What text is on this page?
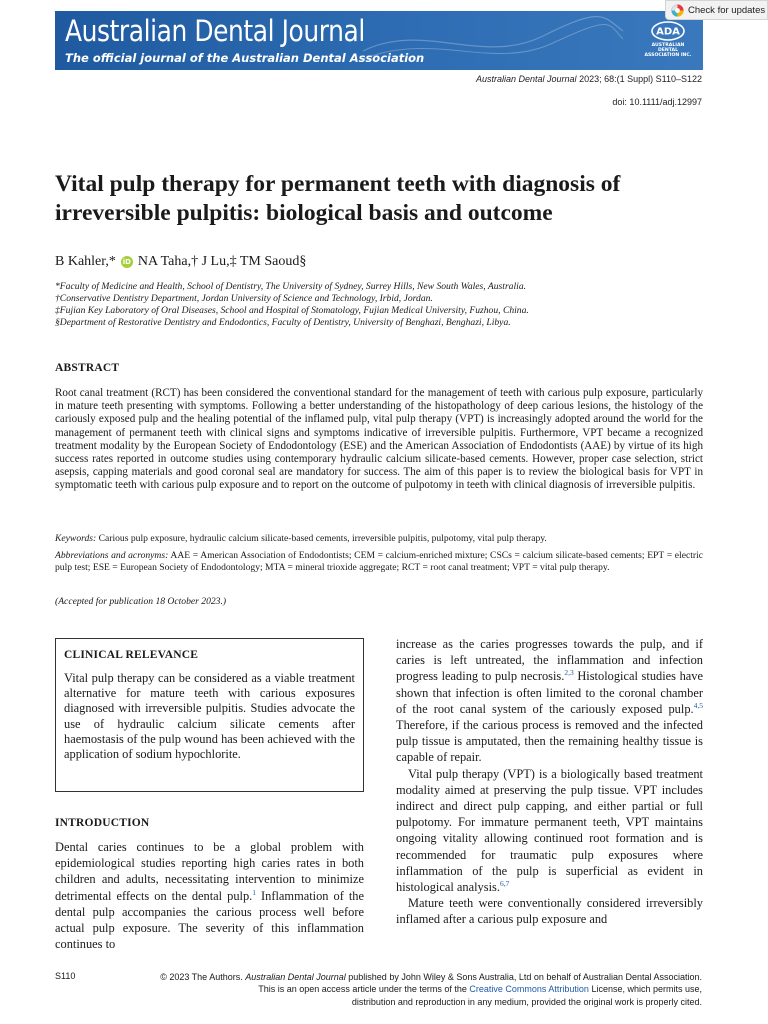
Australian Dental Journal
The official journal of the Australian Dental Association
ADA
AUSTRALIAN DENTAL
ASSOCIATION INC.
Check for updates
Australian Dental Journal 2023; 68:(1 Suppl) S110–S122
doi: 10.1111/adj.12997
Vital pulp therapy for permanent teeth with diagnosis of irreversible pulpitis: biological basis and outcome
B Kahler,* iD NA Taha,† J Lu,‡ TM Saoud§
*Faculty of Medicine and Health, School of Dentistry, The University of Sydney, Surrey Hills, New South Wales, Australia.
†Conservative Dentistry Department, Jordan University of Science and Technology, Irbid, Jordan.
‡Fujian Key Laboratory of Oral Diseases, School and Hospital of Stomatology, Fujian Medical University, Fuzhou, China.
§Department of Restorative Dentistry and Endodontics, Faculty of Dentistry, University of Benghazi, Benghazi, Libya.
ABSTRACT

Root canal treatment (RCT) has been considered the conventional standard for the management of teeth with carious pulp exposure, particularly in mature teeth presenting with symptoms. Following a better understanding of the histopathology of deep carious lesions, the histology of the cariously exposed pulp and the healing potential of the inflamed pulp, vital pulp therapy (VPT) is increasingly adopted around the world for the management of permanent teeth with clinical signs and symptoms indicative of irreversible pulpitis. Furthermore, VPT became a recognized treatment modality by the European Society of Endodontology (ESE) and the American Association of Endodontists (AAE) by virtue of its high success rates reported in outcome studies using contemporary hydraulic calcium silicate-based cements. However, proper case selection, strict asepsis, capping materials and good coronal seal are mandatory for success. The aim of this paper is to review the biological basis for VPT in symptomatic teeth with carious pulp exposure and to report on the outcome of pulpotomy in teeth with clinical diagnosis of irreversible pulpitis.

Keywords: Carious pulp exposure, hydraulic calcium silicate-based cements, irreversible pulpitis, pulpotomy, vital pulp therapy.

Abbreviations and acronyms: AAE = American Association of Endodontists; CEM = calcium-enriched mixture; CSCs = calcium silicate-based cements; EPT = electric pulp test; ESE = European Society of Endodontology; MTA = mineral trioxide aggregate; RCT = root canal treatment; VPT = vital pulp therapy.

(Accepted for publication 18 October 2023.)
CLINICAL RELEVANCE

Vital pulp therapy can be considered as a viable treatment alternative for mature teeth with carious exposures diagnosed with irreversible pulpitis. Studies advocate the use of hydraulic calcium silicate cements after haemostasis of the pulp wound has been achieved with the application of sodium hypochlorite.

INTRODUCTION

Dental caries continues to be a global problem with epidemiological studies reporting high caries rates in both children and adults, necessitating intervention to minimize detrimental effects on the dental pulp.$^1$ Inflammation of the dental pulp accompanies the carious process well before actual pulp exposure. The severity of this inflammation continues to

increase as the caries progresses towards the pulp, and if caries is left untreated, the inflammation and infection progress leading to pulp necrosis.$^{2,3}$ Histological studies have shown that infection is often limited to the coronal chamber of the root canal system of the cariously exposed pulp.$^{4,5}$ Therefore, if the carious process is removed and the infected pulp tissue is amputated, then the remaining healthy tissue is capable of repair.

Vital pulp therapy (VPT) is a biologically based treatment modality aimed at preserving the pulp tissue. VPT includes indirect and direct pulp capping, and either partial or full pulpotomy. For immature permanent teeth, VPT maintains ongoing vitality allowing continued root formation and is recommended for traumatic pulp exposures where inflammation of the pulp is superficial as evident in histological analysis.$^{6,7}$

Mature teeth were conventionally considered irreversibly inflamed after a carious pulp exposure and

S110	© 2023 The Authors. Australian Dental Journal published by John Wiley & Sons Australia, Ltd on behalf of Australian Dental Association.
This is an open access article under the terms of the Creative Commons Attribution License, which permits use,
distribution and reproduction in any medium, provided the original work is properly cited.
